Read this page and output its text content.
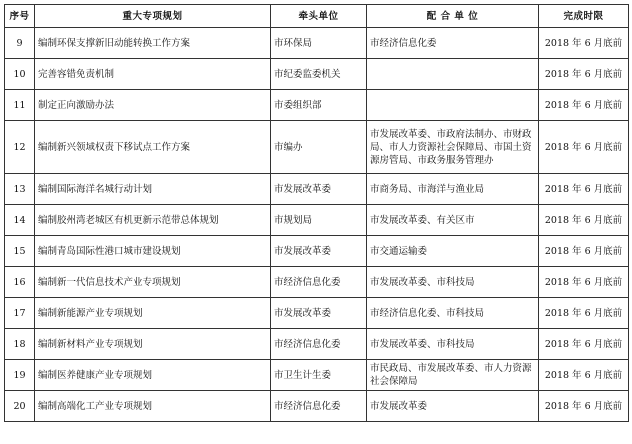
序号	重大专项规划	牵头单位	配 合 单 位	完成时限
9	编制环保支撑新旧动能转换工作方案	市环保局	市经济信息化委	2018 年 6 月底前
10	完善容错免责机制	市纪委监委机关		2018 年 6 月底前
11	制定正向激励办法	市委组织部		2018 年 6 月底前
12	编制新兴领域权责下移试点工作方案	市编办	市发展改革委、市政府法制办、市财政局、市人力资源社会保障局、市国土资源房管局、市政务服务管理办	2018 年 6 月底前
13	编制国际海洋名城行动计划	市发展改革委	市商务局、市海洋与渔业局	2018 年 6 月底前
14	编制胶州湾老城区有机更新示范带总体规划	市规划局	市发展改革委、有关区市	2018 年 6 月底前
15	编制青岛国际性港口城市建设规划	市发展改革委	市交通运输委	2018 年 6 月底前
16	编制新一代信息技术产业专项规划	市经济信息化委	市发展改革委、市科技局	2018 年 6 月底前
17	编制新能源产业专项规划	市发展改革委	市经济信息化委、市科技局	2018 年 6 月底前
18	编制新材料产业专项规划	市经济信息化委	市发展改革委、市科技局	2018 年 6 月底前
19	编制医养健康产业专项规划	市卫生计生委	市民政局、市发展改革委、市人力资源社会保障局	2018 年 6 月底前
20	编制高端化工产业专项规划	市经济信息化委	市发展改革委	2018 年 6 月底前
